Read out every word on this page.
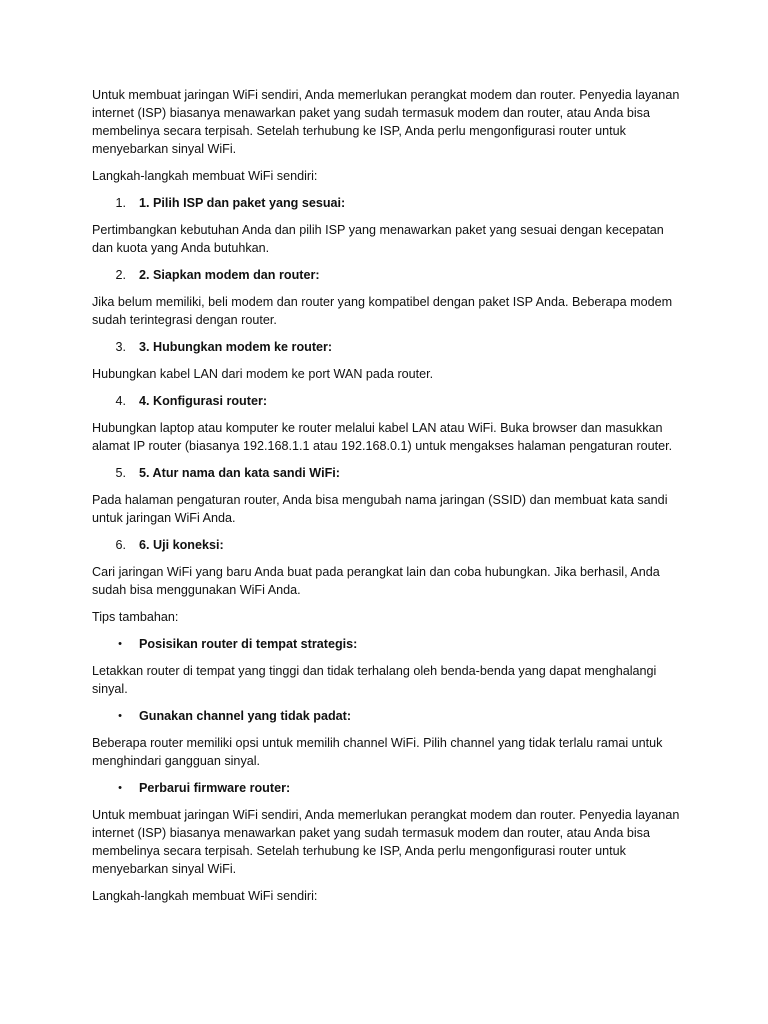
Untuk membuat jaringan WiFi sendiri, Anda memerlukan perangkat modem dan router. Penyedia layanan internet (ISP) biasanya menawarkan paket yang sudah termasuk modem dan router, atau Anda bisa membelinya secara terpisah. Setelah terhubung ke ISP, Anda perlu mengonfigurasi router untuk menyebarkan sinyal WiFi.

Langkah-langkah membuat WiFi sendiri:

1.	1. Pilih ISP dan paket yang sesuai:

Pertimbangkan kebutuhan Anda dan pilih ISP yang menawarkan paket yang sesuai dengan kecepatan dan kuota yang Anda butuhkan.

2.	2. Siapkan modem dan router:

Jika belum memiliki, beli modem dan router yang kompatibel dengan paket ISP Anda. Beberapa modem sudah terintegrasi dengan router.

3.	3. Hubungkan modem ke router:

Hubungkan kabel LAN dari modem ke port WAN pada router.

4.	4. Konfigurasi router:

Hubungkan laptop atau komputer ke router melalui kabel LAN atau WiFi. Buka browser dan masukkan alamat IP router (biasanya 192.168.1.1 atau 192.168.0.1) untuk mengakses halaman pengaturan router.

5.	5. Atur nama dan kata sandi WiFi:

Pada halaman pengaturan router, Anda bisa mengubah nama jaringan (SSID) dan membuat kata sandi untuk jaringan WiFi Anda.

6.	6. Uji koneksi:

Cari jaringan WiFi yang baru Anda buat pada perangkat lain dan coba hubungkan. Jika berhasil, Anda sudah bisa menggunakan WiFi Anda.

Tips tambahan:

•	Posisikan router di tempat strategis:

Letakkan router di tempat yang tinggi dan tidak terhalang oleh benda-benda yang dapat menghalangi sinyal.

•	Gunakan channel yang tidak padat:

Beberapa router memiliki opsi untuk memilih channel WiFi. Pilih channel yang tidak terlalu ramai untuk menghindari gangguan sinyal.

•	Perbarui firmware router:

Untuk membuat jaringan WiFi sendiri, Anda memerlukan perangkat modem dan router. Penyedia layanan internet (ISP) biasanya menawarkan paket yang sudah termasuk modem dan router, atau Anda bisa membelinya secara terpisah. Setelah terhubung ke ISP, Anda perlu mengonfigurasi router untuk menyebarkan sinyal WiFi.

Langkah-langkah membuat WiFi sendiri:
